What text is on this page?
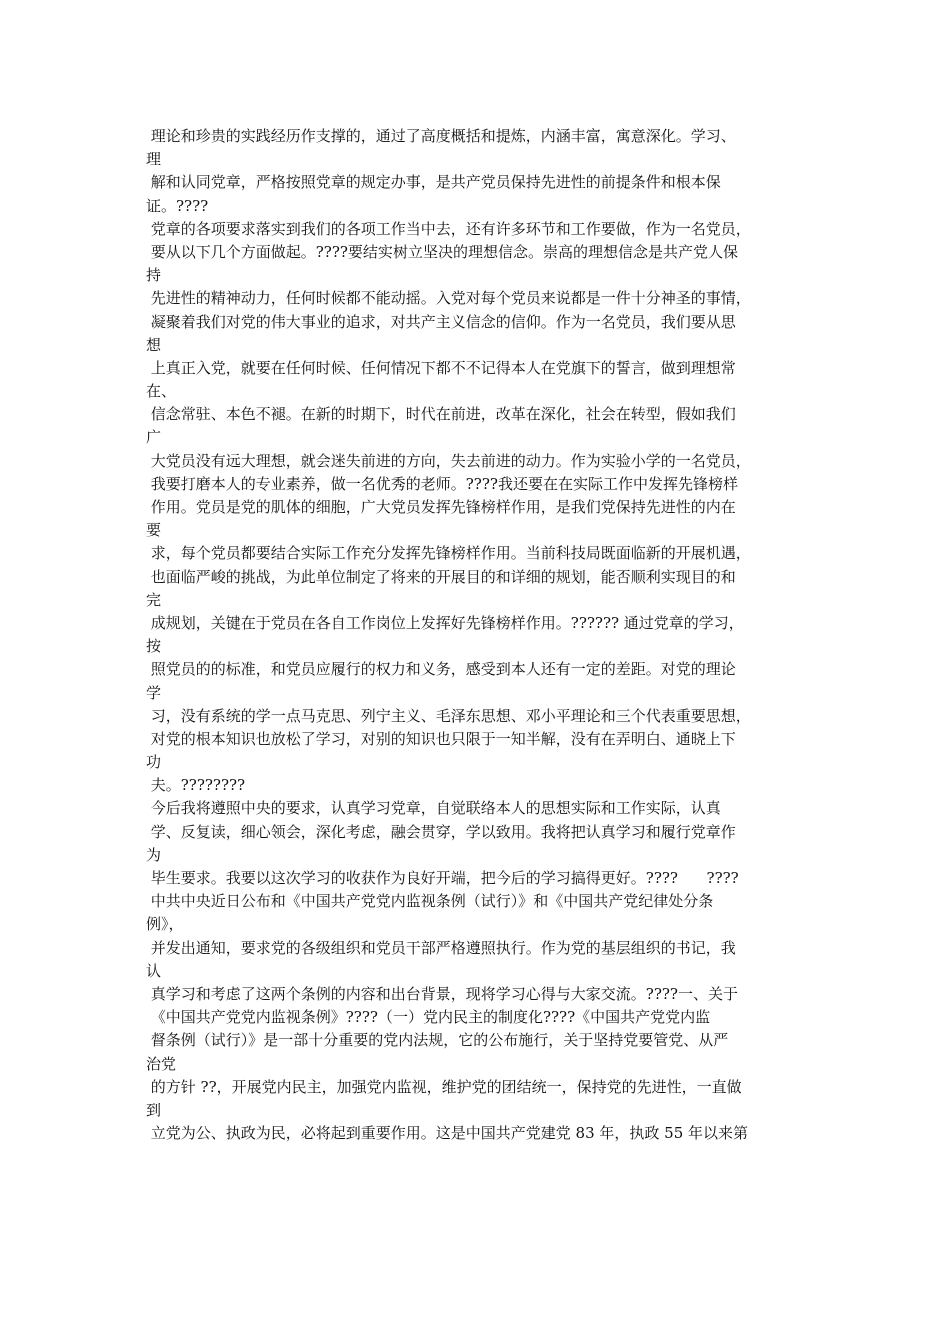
理论和珍贵的实践经历作支撑的，通过了高度概括和提炼，内涵丰富，寓意深化。学习、
理
解和认同党章，严格按照党章的规定办事，是共产党员保持先进性的前提条件和根本保
证。????
党章的各项要求落实到我们的各项工作当中去，还有许多环节和工作要做，作为一名党员，
要从以下几个方面做起。????要结实树立坚决的理想信念。崇高的理想信念是共产党人保
持
先进性的精神动力，任何时候都不能动摇。入党对每个党员来说都是一件十分神圣的事情，
凝聚着我们对党的伟大事业的追求，对共产主义信念的信仰。作为一名党员，我们要从思
想
上真正入党，就要在任何时候、任何情况下都不不记得本人在党旗下的誓言，做到理想常
在、
信念常驻、本色不褪。在新的时期下，时代在前进，改革在深化，社会在转型，假如我们
广
大党员没有远大理想，就会迷失前进的方向，失去前进的动力。作为实验小学的一名党员，
我要打磨本人的专业素养，做一名优秀的老师。????我还要在在实际工作中发挥先锋榜样
作用。党员是党的肌体的细胞，广大党员发挥先锋榜样作用，是我们党保持先进性的内在
要
求，每个党员都要结合实际工作充分发挥先锋榜样作用。当前科技局既面临新的开展机遇，
也面临严峻的挑战，为此单位制定了将来的开展目的和详细的规划，能否顺利实现目的和
完
成规划，关键在于党员在各自工作岗位上发挥好先锋榜样作用。?????? 通过党章的学习，
按
照党员的的标准，和党员应履行的权力和义务，感受到本人还有一定的差距。对党的理论
学
习，没有系统的学一点马克思、列宁主义、毛泽东思想、邓小平理论和三个代表重要思想，
对党的根本知识也放松了学习，对别的知识也只限于一知半解，没有在弄明白、通晓上下
功
夫。????????
今后我将遵照中央的要求，认真学习党章，自觉联络本人的思想实际和工作实际，认真
学、反复读，细心领会，深化考虑，融会贯穿，学以致用。我将把认真学习和履行党章作
为
毕生要求。我要以这次学习的收获作为良好开端，把今后的学习搞得更好。????      ????
中共中央近日公布和《中国共产党党内监视条例（试行）》和《中国共产党纪律处分条
例》，
并发出通知，要求党的各级组织和党员干部严格遵照执行。作为党的基层组织的书记，我
认
真学习和考虑了这两个条例的内容和出台背景，现将学习心得与大家交流。????一、关于
《中国共产党党内监视条例》????（一）党内民主的制度化????《中国共产党党内监
督条例（试行）》是一部十分重要的党内法规，它的公布施行，关于坚持党要管党、从严
治党
的方针 ??，开展党内民主，加强党内监视，维护党的团结统一，保持党的先进性，一直做
到
立党为公、执政为民，必将起到重要作用。这是中国共产党建党 83 年，执政 55 年以来第
